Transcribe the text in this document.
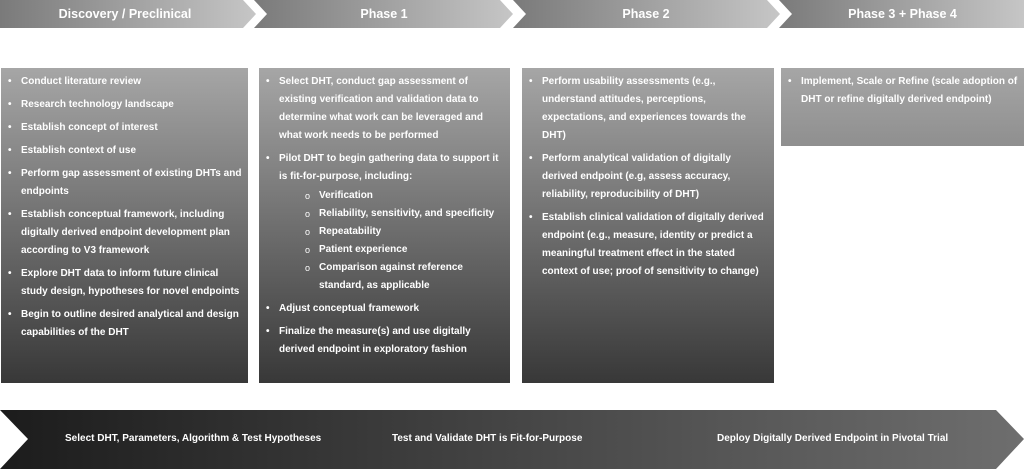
Discovery / Preclinical	Phase 1	Phase 2	Phase 3 + Phase 4

• Conduct literature review
• Research technology landscape
• Establish concept of interest
• Establish context of use
• Perform gap assessment of existing DHTs and endpoints
• Establish conceptual framework, including digitally derived endpoint development plan according to V3 framework
• Explore DHT data to inform future clinical study design, hypotheses for novel endpoints
• Begin to outline desired analytical and design capabilities of the DHT
• Select DHT, conduct gap assessment of existing verification and validation data to determine what work can be leveraged and what work needs to be performed
• Pilot DHT to begin gathering data to support it is fit-for-purpose, including:
o Verification
o Reliability, sensitivity, and specificity
o Repeatability
o Patient experience
o Comparison against reference standard, as applicable
• Adjust conceptual framework
• Finalize the measure(s) and use digitally derived endpoint in exploratory fashion
• Perform usability assessments (e.g., understand attitudes, perceptions, expectations, and experiences towards the DHT)
• Perform analytical validation of digitally derived endpoint (e.g, assess accuracy, reliability, reproducibility of DHT)
• Establish clinical validation of digitally derived endpoint (e.g., measure, identity or predict a meaningful treatment effect in the stated context of use; proof of sensitivity to change)
• Implement, Scale or Refine (scale adoption of DHT or refine digitally derived endpoint)

Select DHT, Parameters, Algorithm & Test Hypotheses	Test and Validate DHT is Fit-for-Purpose	Deploy Digitally Derived Endpoint in Pivotal Trial
